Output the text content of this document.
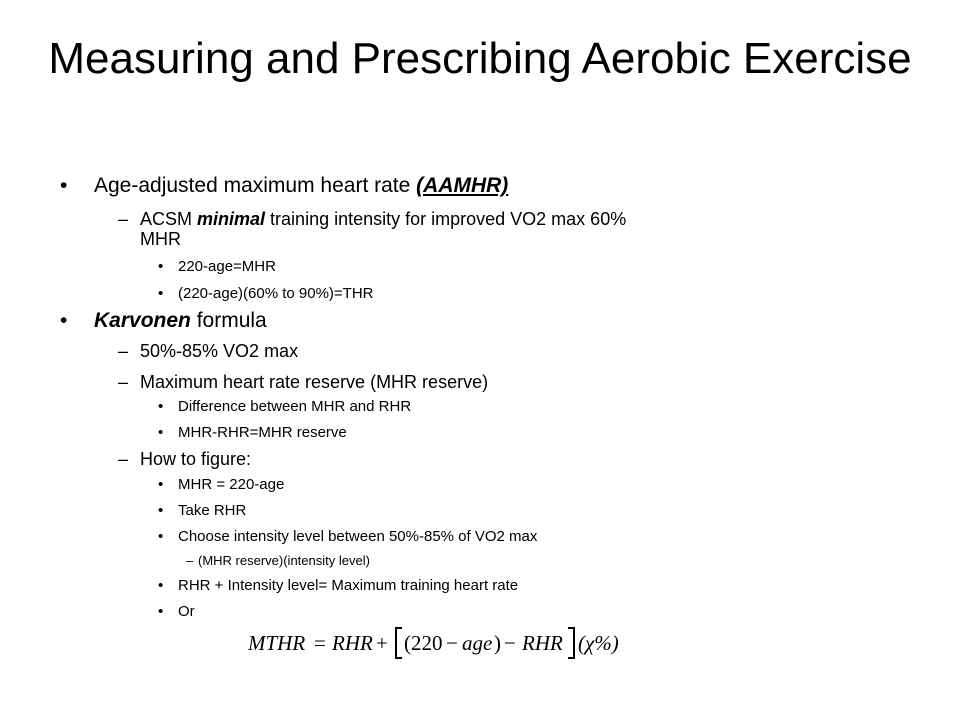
Measuring and Prescribing Aerobic Exercise
• Age-adjusted maximum heart rate (AAMHR)
– ACSM minimal training intensity for improved VO2 max 60%
MHR
• 220-age=MHR
• (220-age)(60% to 90%)=THR
• Karvonen formula
– 50%-85% VO2 max
– Maximum heart rate reserve (MHR reserve)
• Difference between MHR and RHR
• MHR-RHR=MHR reserve
– How to figure:
• MHR = 220-age
• Take RHR
• Choose intensity level between 50%-85% of VO2 max
– (MHR reserve)(intensity level)
• RHR + Intensity level= Maximum training heart rate
• Or
MTHR = RHR + (220 − age ) − RHR (χ%)
